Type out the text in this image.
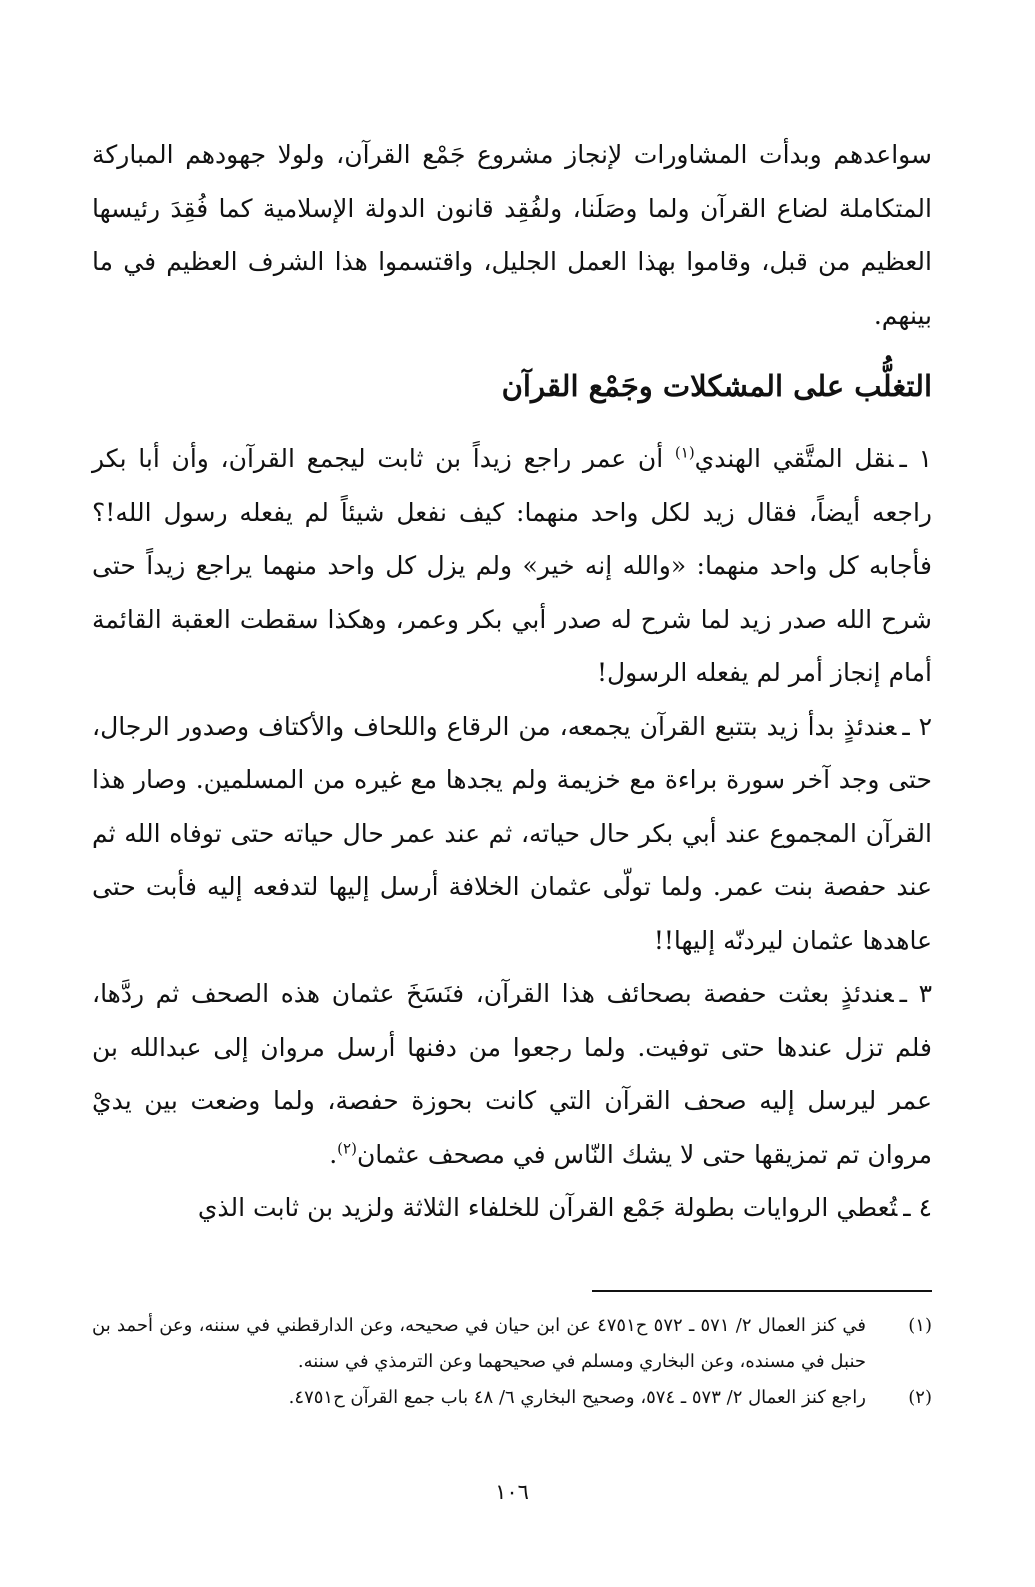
سواعدهم وبدأت المشاورات لإنجاز مشروع جَمْع القرآن، ولولا جهودهم المباركة المتكاملة لضاع القرآن ولما وصَلَنا، ولفُقِد قانون الدولة الإسلامية كما فُقِدَ رئيسها العظيم من قبل، وقاموا بهذا العمل الجليل، واقتسموا هذا الشرف العظيم في ما بينهم.

التغلُّب على المشكلات وجَمْع القرآن

١ ـنقل المتَّقي الهندي$^{(١)}$ أن عمر راجع زيداً بن ثابت ليجمع القرآن، وأن أبا بكر راجعه أيضاً، فقال زيد لكل واحد منهما: كيف نفعل شيئاً لم يفعله رسول الله!؟ فأجابه كل واحد منهما: «والله إنه خير» ولم يزل كل واحد منهما يراجع زيداً حتى شرح الله صدر زيد لما شرح له صدر أبي بكر وعمر، وهكذا سقطت العقبة القائمة أمام إنجاز أمر لم يفعله الرسول!

٢ ـعندئذٍ بدأ زيد بتتبع القرآن يجمعه، من الرقاع واللحاف والأكتاف وصدور الرجال، حتى وجد آخر سورة براءة مع خزيمة ولم يجدها مع غيره من المسلمين. وصار هذا القرآن المجموع عند أبي بكر حال حياته، ثم عند عمر حال حياته حتى توفاه الله ثم عند حفصة بنت عمر. ولما تولّى عثمان الخلافة أرسل إليها لتدفعه إليه فأبت حتى عاهدها عثمان ليردنّه إليها!!

٣ ـعندئذٍ بعثت حفصة بصحائف هذا القرآن، فنَسَخَ عثمان هذه الصحف ثم ردَّها، فلم تزل عندها حتى توفيت. ولما رجعوا من دفنها أرسل مروان إلى عبدالله بن عمر ليرسل إليه صحف القرآن التي كانت بحوزة حفصة، ولما وضعت بين يديْ مروان تم تمزيقها حتى لا يشك النّاس في مصحف عثمان$^{(٢)}$.

٤ ـتُعطي الروايات بطولة جَمْع القرآن للخلفاء الثلاثة ولزيد بن ثابت الذي

(١)
في كنز العمال ٢/ ٥٧١ ـ ٥٧٢ ح٤٧٥١ عن ابن حيان في صحيحه، وعن الدارقطني في سننه، وعن أحمد بن حنبل في مسنده، وعن البخاري ومسلم في صحيحهما وعن الترمذي في سننه.
(٢)
راجع كنز العمال ٢/ ٥٧٣ ـ ٥٧٤، وصحيح البخاري ٦/ ٤٨ باب جمع القرآن ح٤٧٥١.
١٠٦
